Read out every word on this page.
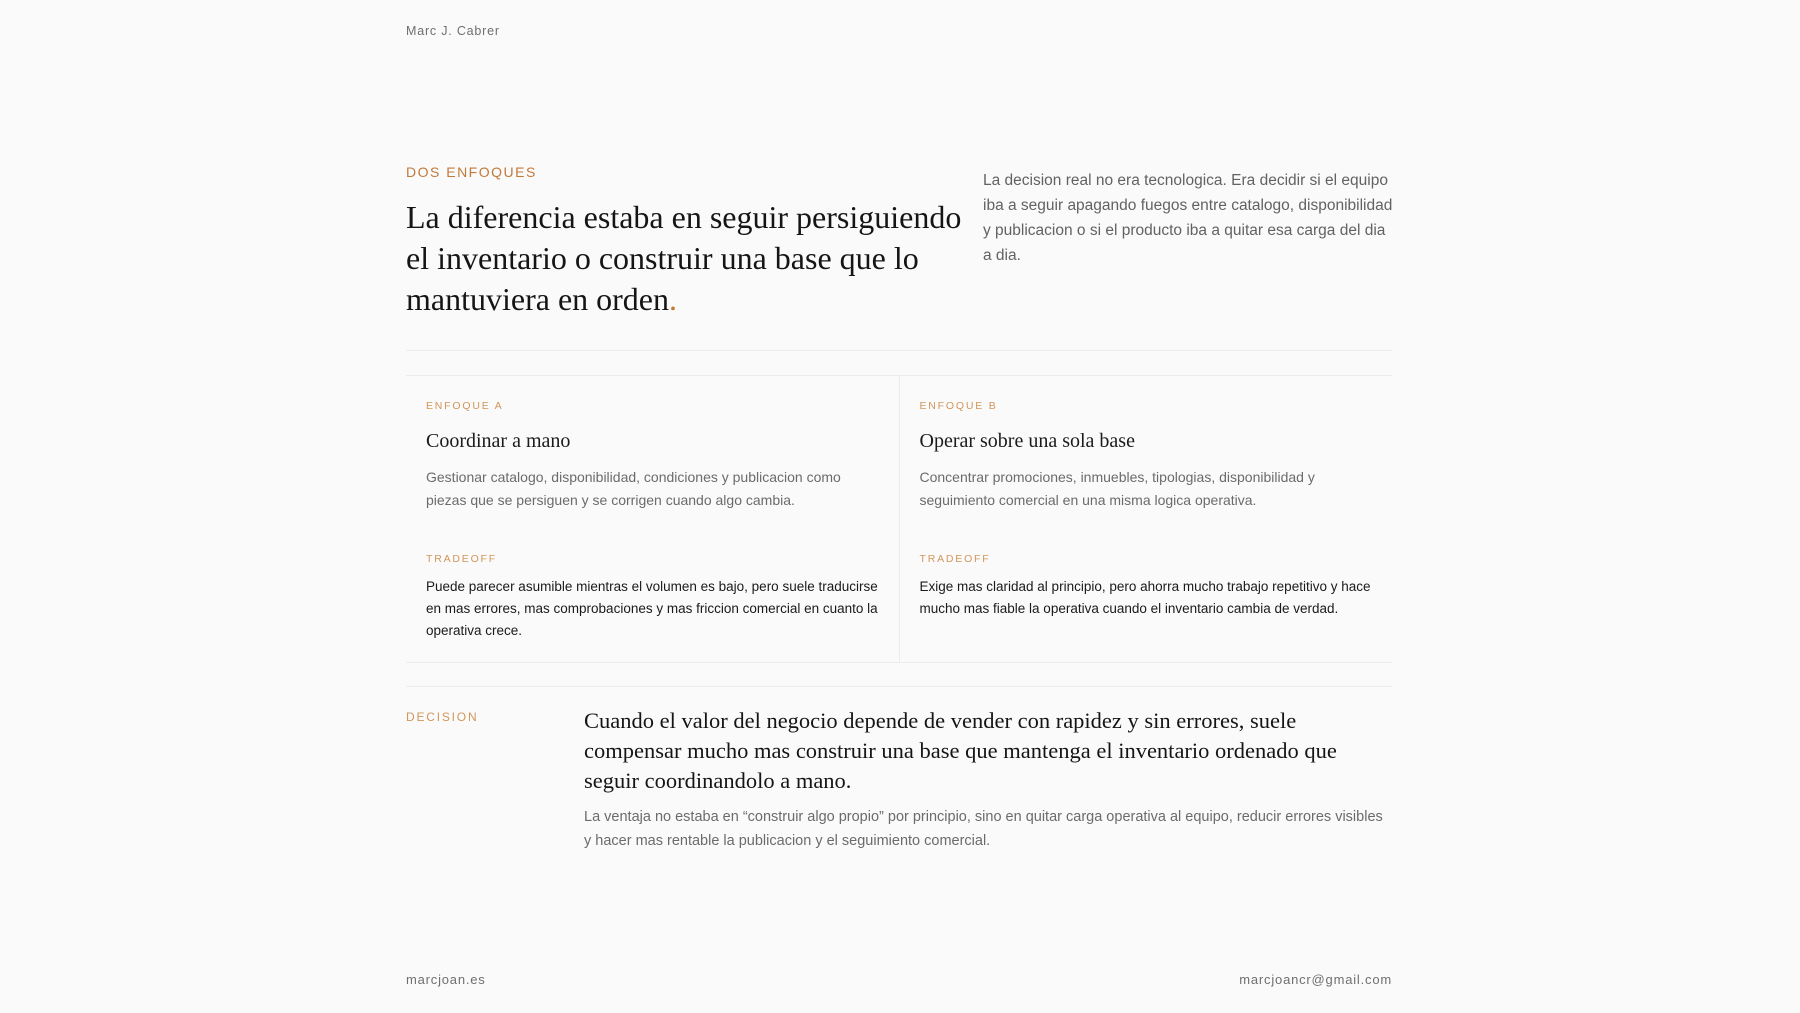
Marc J. Cabrer
DOS ENFOQUES
La diferencia estaba en seguir persiguiendo el inventario o construir una base que lo mantuviera en orden.

La decision real no era tecnologica. Era decidir si el equipo iba a seguir apagando fuegos entre catalogo, disponibilidad y publicacion o si el producto iba a quitar esa carga del dia a dia.

ENFOQUE A
Coordinar a mano

Gestionar catalogo, disponibilidad, condiciones y publicacion como piezas que se persiguen y se corrigen cuando algo cambia.

TRADEOFF

Puede parecer asumible mientras el volumen es bajo, pero suele traducirse en mas errores, mas comprobaciones y mas friccion comercial en cuanto la operativa crece.

ENFOQUE B
Operar sobre una sola base

Concentrar promociones, inmuebles, tipologias, disponibilidad y seguimiento comercial en una misma logica operativa.

TRADEOFF

Exige mas claridad al principio, pero ahorra mucho trabajo repetitivo y hace mucho mas fiable la operativa cuando el inventario cambia de verdad.

DECISION	Cuando el valor del negocio depende de vender con rapidez y sin errores, suele compensar mucho mas construir una base que mantenga el inventario ordenado que seguir coordinandolo a mano.

La ventaja no estaba en “construir algo propio” por principio, sino en quitar carga operativa al equipo, reducir errores visibles y hacer mas rentable la publicacion y el seguimiento comercial.

marcjoan.es	marcjoancr@gmail.com
